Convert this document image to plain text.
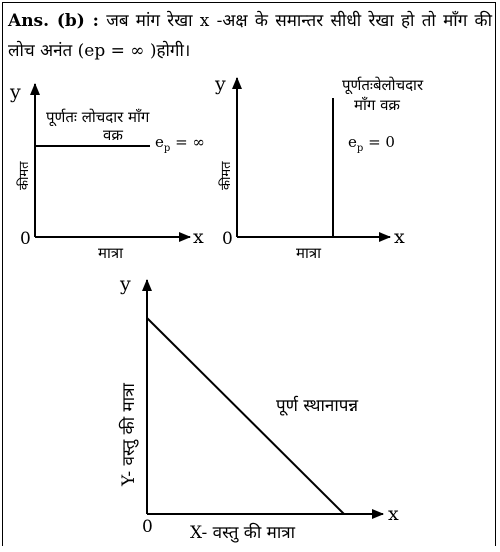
Ans. (b) : जब मांग रेखा x -अक्ष के समान्तर सीधी रेखा हो तो माँग की लोच अनंत (ep = ∞ )होगी।
y
x
0
कीमत
मात्रा
पूर्णतः लोचदार माँग
वक्र $e_p$ = ∞
y
x
0
कीमत
मात्रा
पूर्णतःबेलोचदार
माँग वक्र
$e_p = 0$
y
x
0
Y- वस्तु की मात्रा
X- वस्तु की मात्रा
पूर्ण स्थानापन्न
